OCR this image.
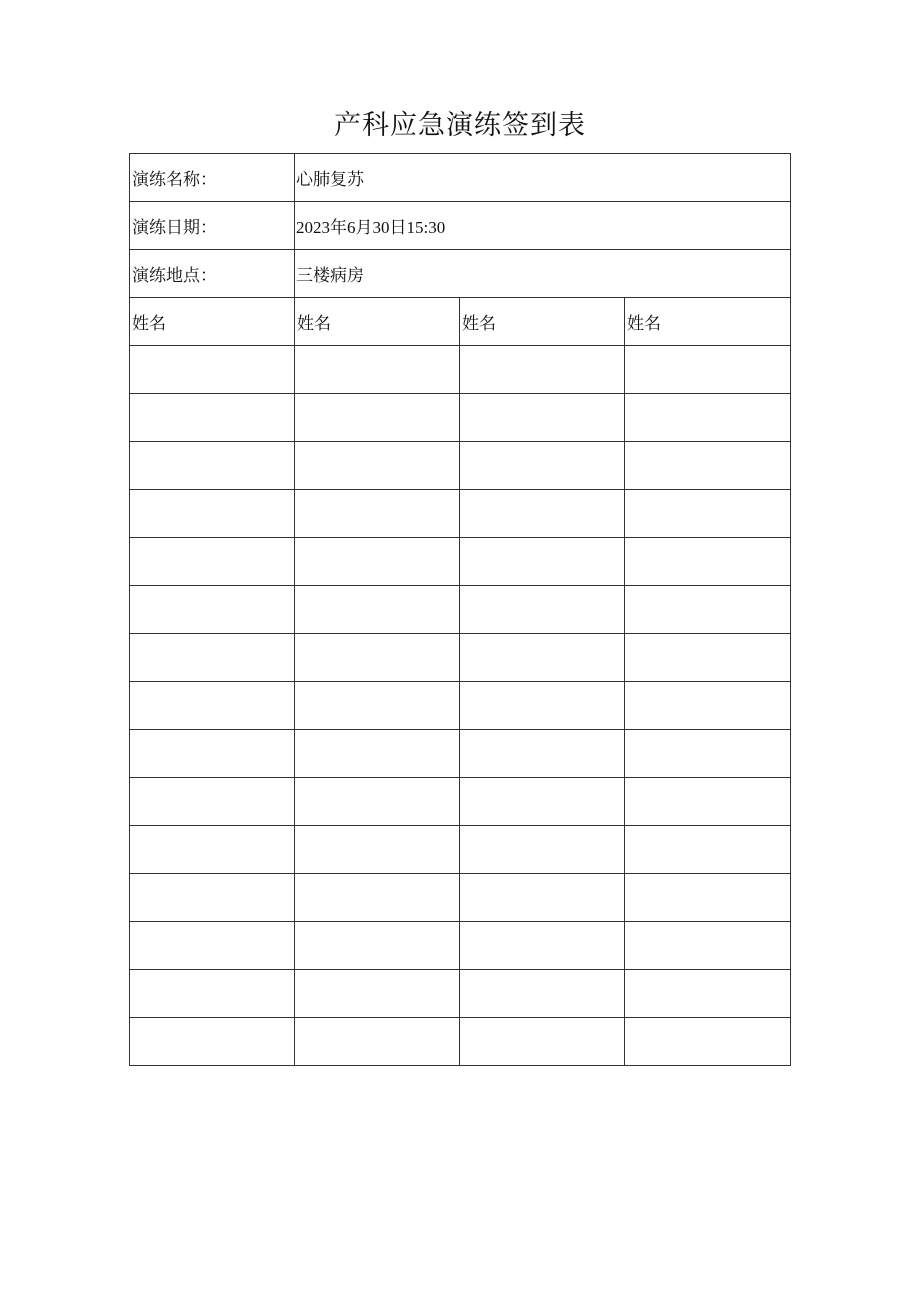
产科应急演练签到表
演练名称：	心肺复苏		
演练日期：	2023年6月30日15:30		
演练地点：	三楼病房		
姓名	姓名	姓名	姓名
